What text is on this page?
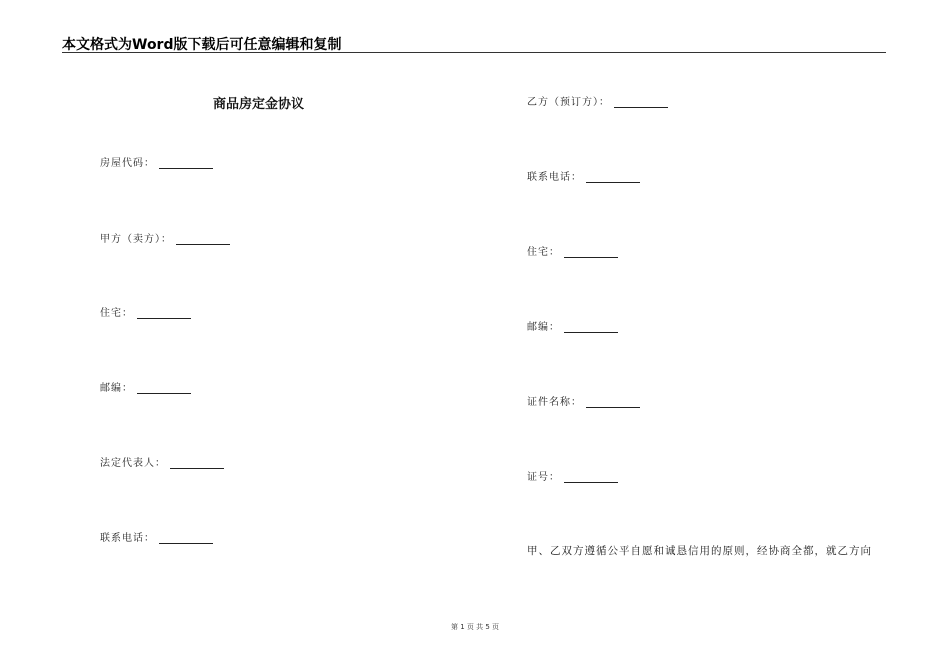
本文格式为Word版下载后可任意编辑和复制
商品房定金协议
房屋代码：
甲方（卖方）：
住宅：
邮编：
法定代表人：
联系电话：
乙方（预订方）：
联系电话：
住宅：
邮编：
证件名称：
证号：
甲、乙双方遵循公平自愿和诚恳信用的原则，经协商全都，就乙方向
第 1 页 共 5 页
